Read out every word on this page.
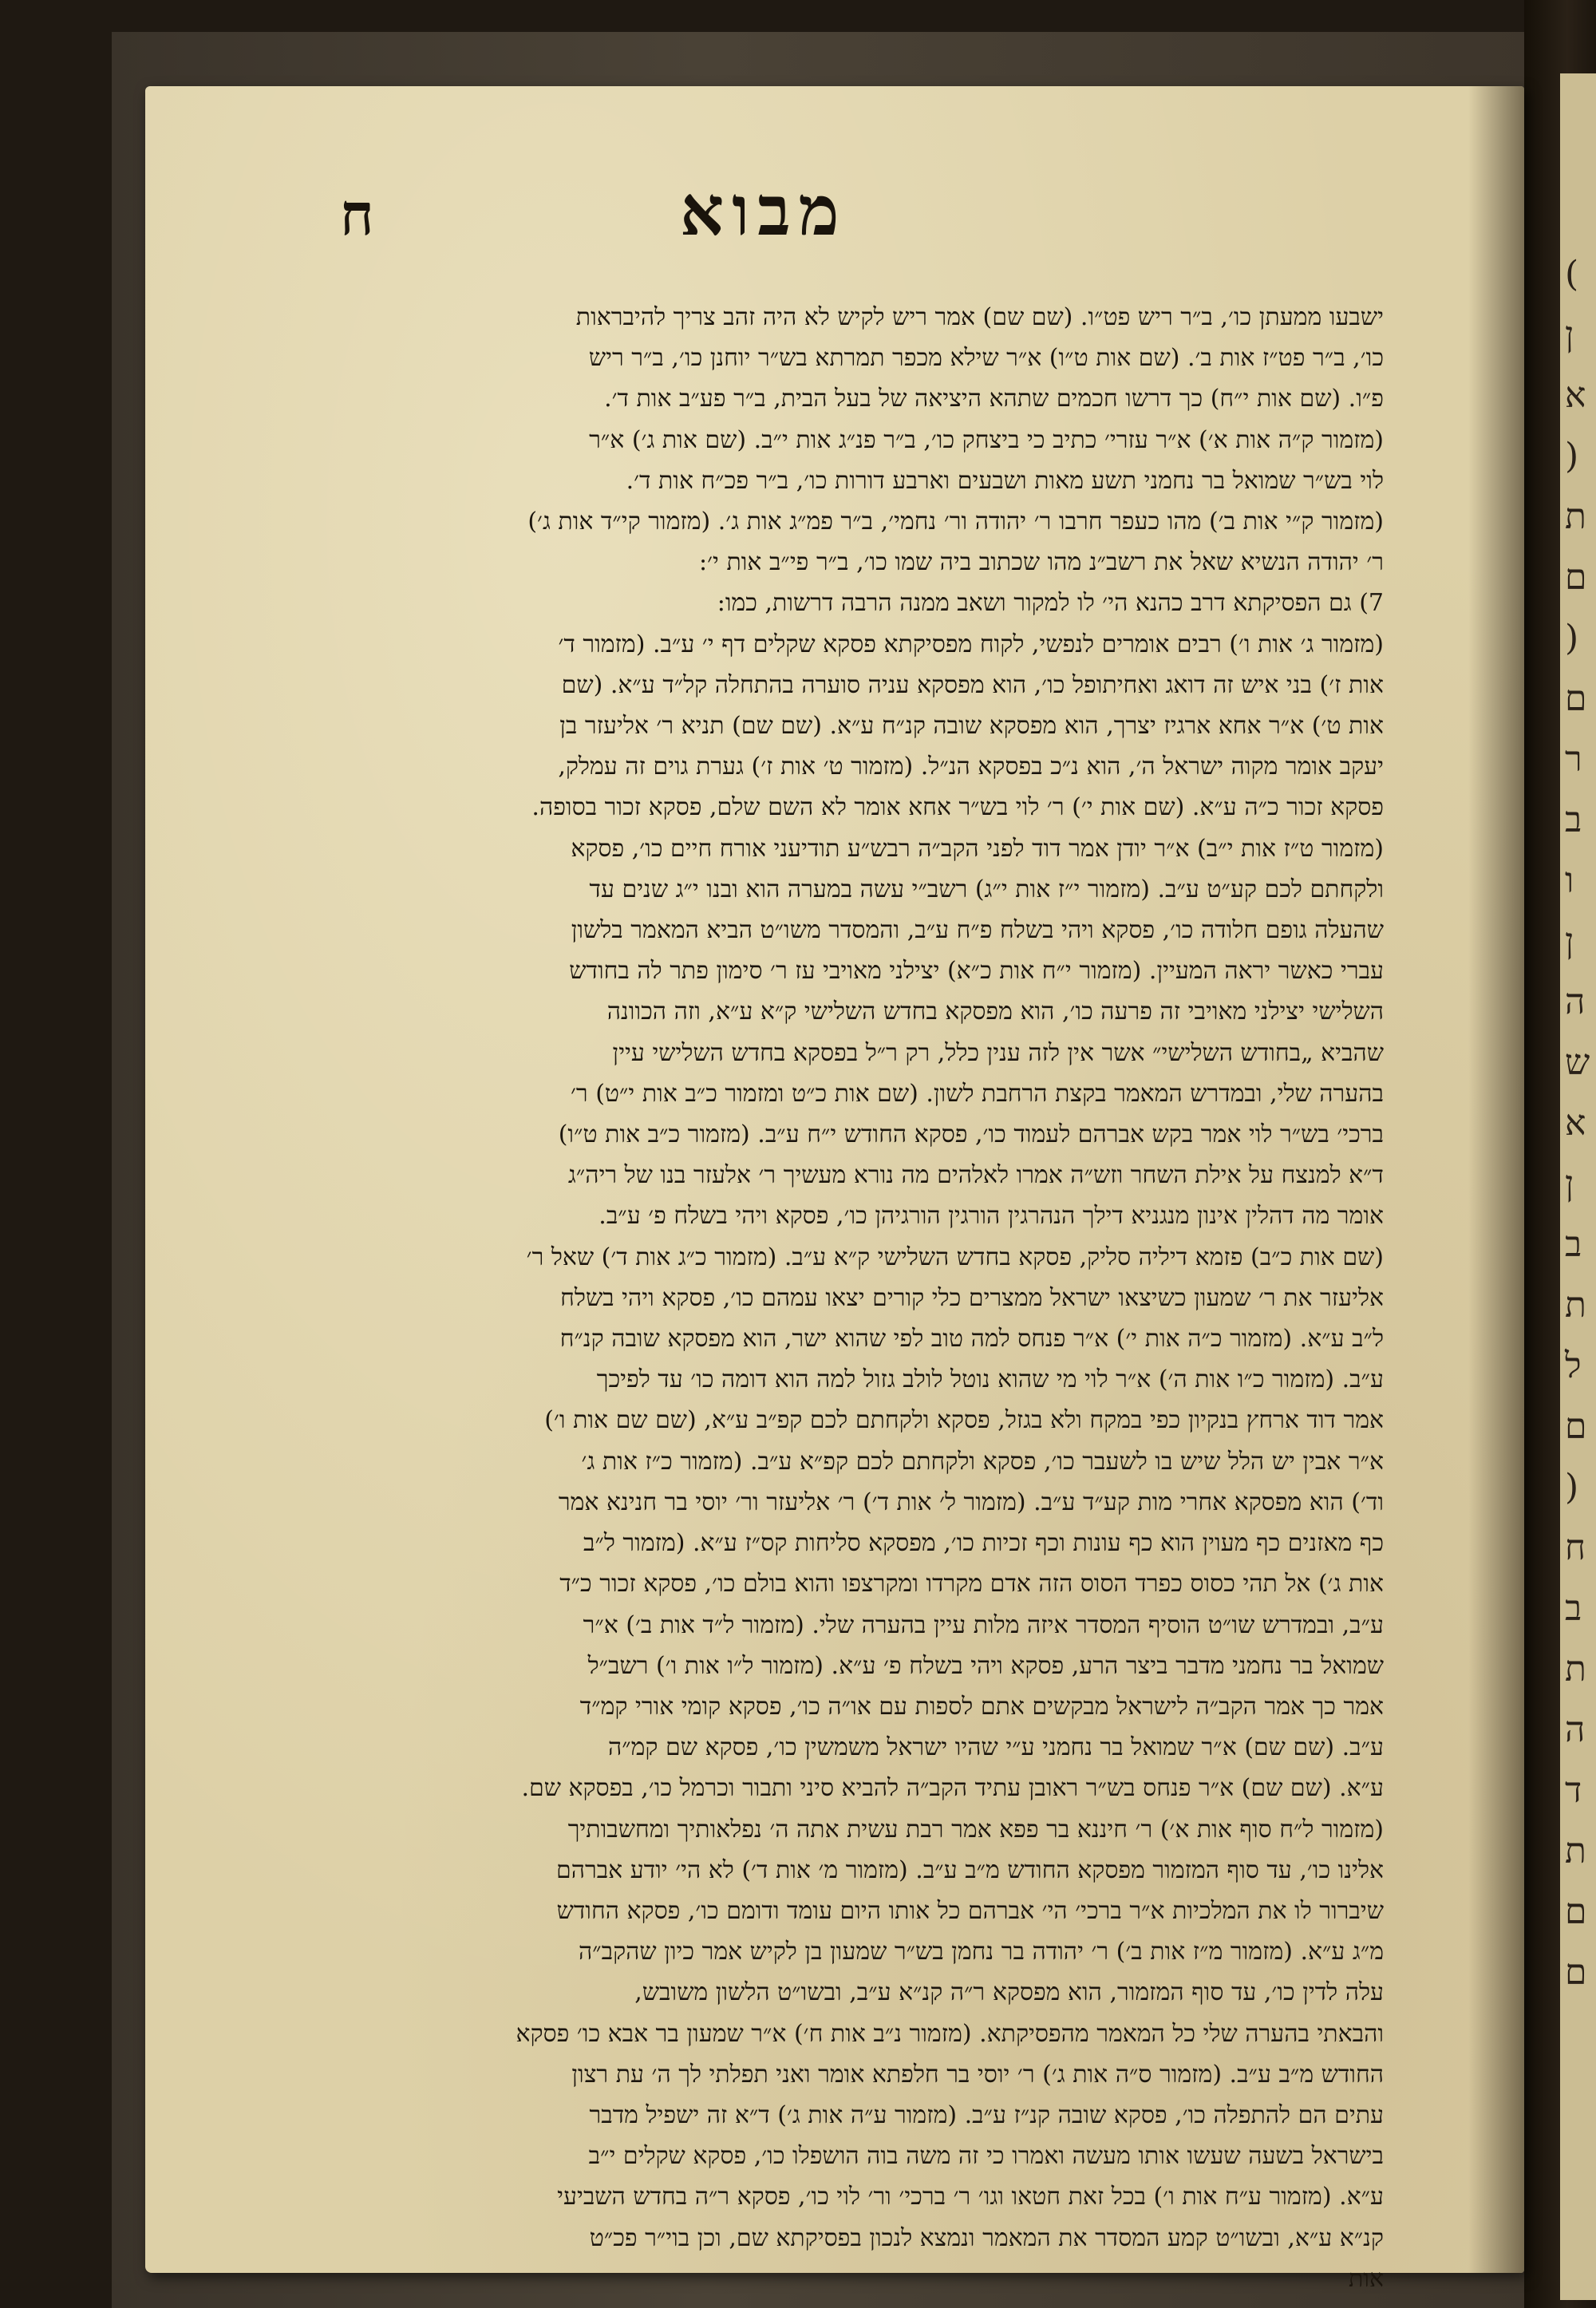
(
ן
א
)
ת
ם
)
ם
ר
ב
ו
ן
ה
ש
א
ן
ב
ת
ל
ם
)
ח
ב
ת
ה
ד
ת
ם
ם
ח	מבוא
ישבעו ממעתן כו׳, ב״ר ריש פט״ו. (שם שם) אמר ריש לקיש לא היה זהב צריך להיבראות
כו׳, ב״ר פט״ז אות ב׳. (שם אות ט״ו) א״ר שילא מכפר תמרתא בש״ר יוחנן כו׳, ב״ר ריש
פ״ו. (שם אות י״ח) כך דרשו חכמים שתהא היציאה של בעל הבית, ב״ר פע״ב אות ד׳.
(מזמור ק״ה אות א׳) א״ר עזרי׳ כתיב כי ביצחק כו׳, ב״ר פנ״ג אות י״ב. (שם אות ג׳) א״ר
לוי בש״ר שמואל בר נחמני תשע מאות ושבעים וארבע דורות כו׳, ב״ר פכ״ח אות ד׳.
(מזמור ק״י אות ב׳) מהו כעפר חרבו ר׳ יהודה ור׳ נחמי׳, ב״ר פמ״ג אות ג׳. (מזמור קי״ד אות ג׳)
ר׳ יהודה הנשיא שאל את רשב״נ מהו שכתוב ביה שמו כו׳, ב״ר פי״ב אות י׳:
7) גם הפסיקתא דרב כהנא הי׳ לו למקור ושאב ממנה הרבה דרשות, כמו:
(מזמור ג׳ אות ו׳) רבים אומרים לנפשי, לקוח מפסיקתא פסקא שקלים דף י׳ ע״ב. (מזמור ד׳
אות ז׳) בני איש זה דואג ואחיתופל כו׳, הוא מפסקא עניה סוערה בהתחלה קל״ד ע״א. (שם
אות ט׳) א״ר אחא ארגיז יצרך, הוא מפסקא שובה קנ״ח ע״א. (שם שם) תניא ר׳ אליעזר בן
יעקב אומר מקוה ישראל ה׳, הוא נ״כ בפסקא הנ״ל. (מזמור ט׳ אות ז׳) גערת גוים זה עמלק,
פסקא זכור כ״ה ע״א. (שם אות י׳) ר׳ לוי בש״ר אחא אומר לא השם שלם, פסקא זכור בסופה.
(מזמור ט״ז אות י״ב) א״ר יודן אמר דוד לפני הקב״ה רבש״ע תודיעני אורח חיים כו׳, פסקא
ולקחתם לכם קע״ט ע״ב. (מזמור י״ז אות י״ג) רשב״י עשה במערה הוא ובנו י״ג שנים עד
שהעלה גופם חלודה כו׳, פסקא ויהי בשלח פ״ח ע״ב, והמסדר משו״ט הביא המאמר בלשון
עברי כאשר יראה המעיין. (מזמור י״ח אות כ״א) יצילני מאויבי עז ר׳ סימון פתר לה בחודש
השלישי יצילני מאויבי זה פרעה כו׳, הוא מפסקא בחדש השלישי ק״א ע״א, וזה הכוונה
שהביא „בחודש השלישי״ אשר אין לזה ענין כלל, רק ר״ל בפסקא בחדש השלישי עיין
בהערה שלי, ובמדרש המאמר בקצת הרחבת לשון. (שם אות כ״ט ומזמור כ״ב אות י״ט) ר׳
ברכי׳ בש״ר לוי אמר בקש אברהם לעמוד כו׳, פסקא החודש י״ח ע״ב. (מזמור כ״ב אות ט״ו)
ד״א למנצח על אילת השחר וזש״ה אמרו לאלהים מה נורא מעשיך ר׳ אלעזר בנו של ריה״ג
אומר מה דהלין אינון מנגניא דילך הנהרגין הורגין הורגיהן כו׳, פסקא ויהי בשלח פ׳ ע״ב.
(שם אות כ״ב) פזמא דיליה סליק, פסקא בחדש השלישי ק״א ע״ב. (מזמור כ״ג אות ד׳) שאל ר׳
אליעזר את ר׳ שמעון כשיצאו ישראל ממצרים כלי קורים יצאו עמהם כו׳, פסקא ויהי בשלח
ל״ב ע״א. (מזמור כ״ה אות י׳) א״ר פנחס למה טוב לפי שהוא ישר, הוא מפסקא שובה קנ״ח
ע״ב. (מזמור כ״ו אות ה׳) א״ר לוי מי שהוא נוטל לולב גזול למה הוא דומה כו׳ עד לפיכך
אמר דוד ארחץ בנקיון כפי במקח ולא בגזל, פסקא ולקחתם לכם קפ״ב ע״א, (שם שם אות ו׳)
א״ר אבין יש הלל שיש בו לשעבר כו׳, פסקא ולקחתם לכם קפ״א ע״ב. (מזמור כ״ז אות ג׳
וד׳) הוא מפסקא אחרי מות קע״ד ע״ב. (מזמור ל׳ אות ד׳) ר׳ אליעזר ור׳ יוסי בר חנינא אמר
כף מאזנים כף מעוין הוא כף עונות וכף זכיות כו׳, מפסקא סליחות קס״ז ע״א. (מזמור ל״ב
אות ג׳) אל תהי כסוס כפרד הסוס הזה אדם מקרדו ומקרצפו והוא בולם כו׳, פסקא זכור כ״ד
ע״ב, ובמדרש שו״ט הוסיף המסדר איזה מלות עיין בהערה שלי. (מזמור ל״ד אות ב׳) א״ר
שמואל בר נחמני מדבר ביצר הרע, פסקא ויהי בשלח פ׳ ע״א. (מזמור ל״ו אות ו׳) רשב״ל
אמר כך אמר הקב״ה לישראל מבקשים אתם לספות עם או״ה כו׳, פסקא קומי אורי קמ״ד
ע״ב. (שם שם) א״ר שמואל בר נחמני ע״י שהיו ישראל משמשין כו׳, פסקא שם קמ״ה
ע״א. (שם שם) א״ר פנחס בש״ר ראובן עתיד הקב״ה להביא סיני ותבור וכרמל כו׳, בפסקא שם.
(מזמור ל״ח סוף אות א׳) ר׳ חיננא בר פפא אמר רבת עשית אתה ה׳ נפלאותיך ומחשבותיך
אלינו כו׳, עד סוף המזמור מפסקא החודש מ״ב ע״ב. (מזמור מ׳ אות ד׳) לא הי׳ יודע אברהם
שיברור לו את המלכיות א״ר ברכי׳ הי׳ אברהם כל אותו היום עומד ודומם כו׳, פסקא החודש
מ״ג ע״א. (מזמור מ״ז אות ב׳) ר׳ יהודה בר נחמן בש״ר שמעון בן לקיש אמר כיון שהקב״ה
עלה לדין כו׳, עד סוף המזמור, הוא מפסקא ר״ה קנ״א ע״ב, ובשו״ט הלשון משובש,
והבאתי בהערה שלי כל המאמר מהפסיקתא. (מזמור נ״ב אות ח׳) א״ר שמעון בר אבא כו׳ פסקא
החודש מ״ב ע״ב. (מזמור ס״ה אות ג׳) ר׳ יוסי בר חלפתא אומר ואני תפלתי לך ה׳ עת רצון
עתים הם להתפלה כו׳, פסקא שובה קנ״ז ע״ב. (מזמור ע״ה אות ג׳) ד״א זה ישפיל מדבר
בישראל בשעה שעשו אותו מעשה ואמרו כי זה משה בוה הושפלו כו׳, פסקא שקלים י״ב
ע״א. (מזמור ע״ח אות ו׳) בכל זאת חטאו וגו׳ ר׳ ברכי׳ ור׳ לוי כו׳, פסקא ר״ה בחדש השביעי
קנ״א ע״א, ובשו״ט קמע המסדר את המאמר ונמצא לנכון בפסיקתא שם, וכן בוי״ר פכ״ט
אות
